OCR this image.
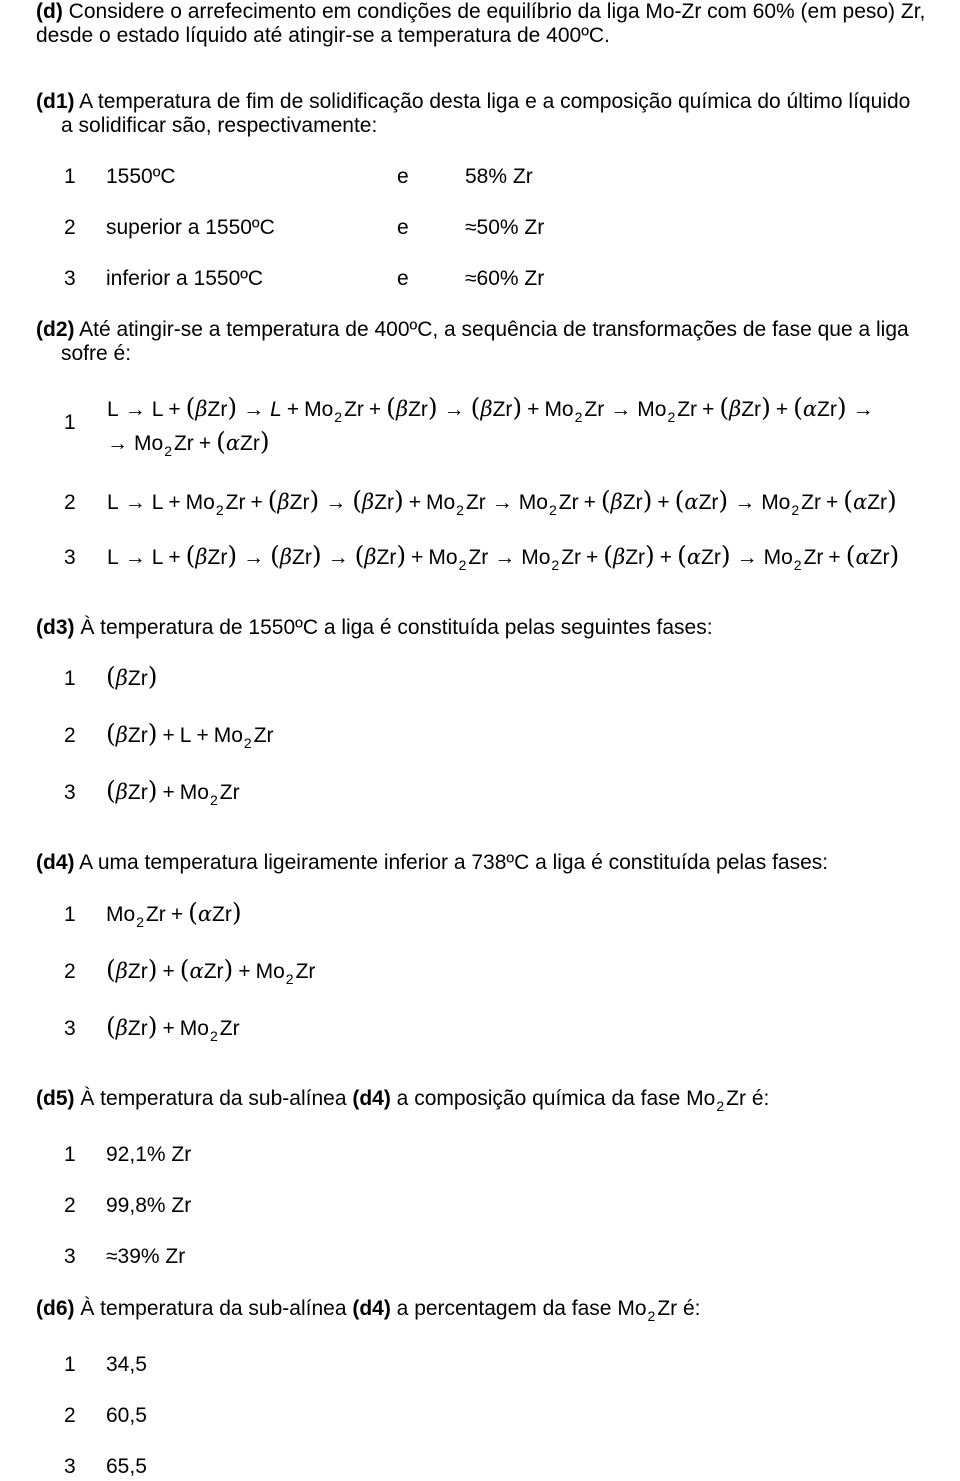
(d) Considere o arrefecimento em condições de equilíbrio da liga Mo-Zr com 60% (em peso) Zr,
desde o estado líquido até atingir-se a temperatura de 400ºC.
(d1) A temperatura de fim de solidificação desta liga e a composição química do último líquido
a solidificar são, respectivamente:
1 1550ºC	e	58% Zr
2 superior a 1550ºC	e	≈50% Zr
3 inferior a 1550ºC	e	≈60% Zr
(d2) Até atingir-se a temperatura de 400ºC, a sequência de transformações de fase que a liga
sofre é:
1
$L \to L + (\beta Zr) \to L + Mo_2Zr + (\beta Zr) \to (\beta Zr) + Mo_2Zr \to Mo_2Zr + (\beta Zr) + (\alpha Zr)$ →
→ $Mo_2Zr + (\alpha Zr)$
2 $L \to L + Mo_2Zr + (\beta Zr) \to (\beta Zr) + Mo_2Zr \to Mo_2Zr + (\beta Zr) + (\alpha Zr) \to Mo_2Zr + (\alpha Zr)$
3 $L \to L + (\beta Zr) \to (\beta Zr) \to (\beta Zr) + Mo_2Zr \to Mo_2Zr + (\beta Zr) + (\alpha Zr) \to Mo_2Zr + (\alpha Zr)$
(d3) À temperatura de 1550ºC a liga é constituída pelas seguintes fases:
1 (βZr)
2 $(\beta Zr) + L + Mo_2Zr$
3 $(\beta Zr) + Mo_2Zr$
(d4) A uma temperatura ligeiramente inferior a 738ºC a liga é constituída pelas fases:
1 $Mo_2Zr + (\alpha Zr)$
2 $(\beta Zr) + (\alpha Zr) + Mo_2Zr$
3 $(\beta Zr) + Mo_2Zr$
(d5) À temperatura da sub-alínea (d4) a composição química da fase $Mo_2Zr$ é:
1 92,1% Zr
2 99,8% Zr
3 ≈39% Zr
(d6) À temperatura da sub-alínea (d4) a percentagem da fase $Mo_2Zr$ é:
1 34,5
2 60,5
3 65,5
